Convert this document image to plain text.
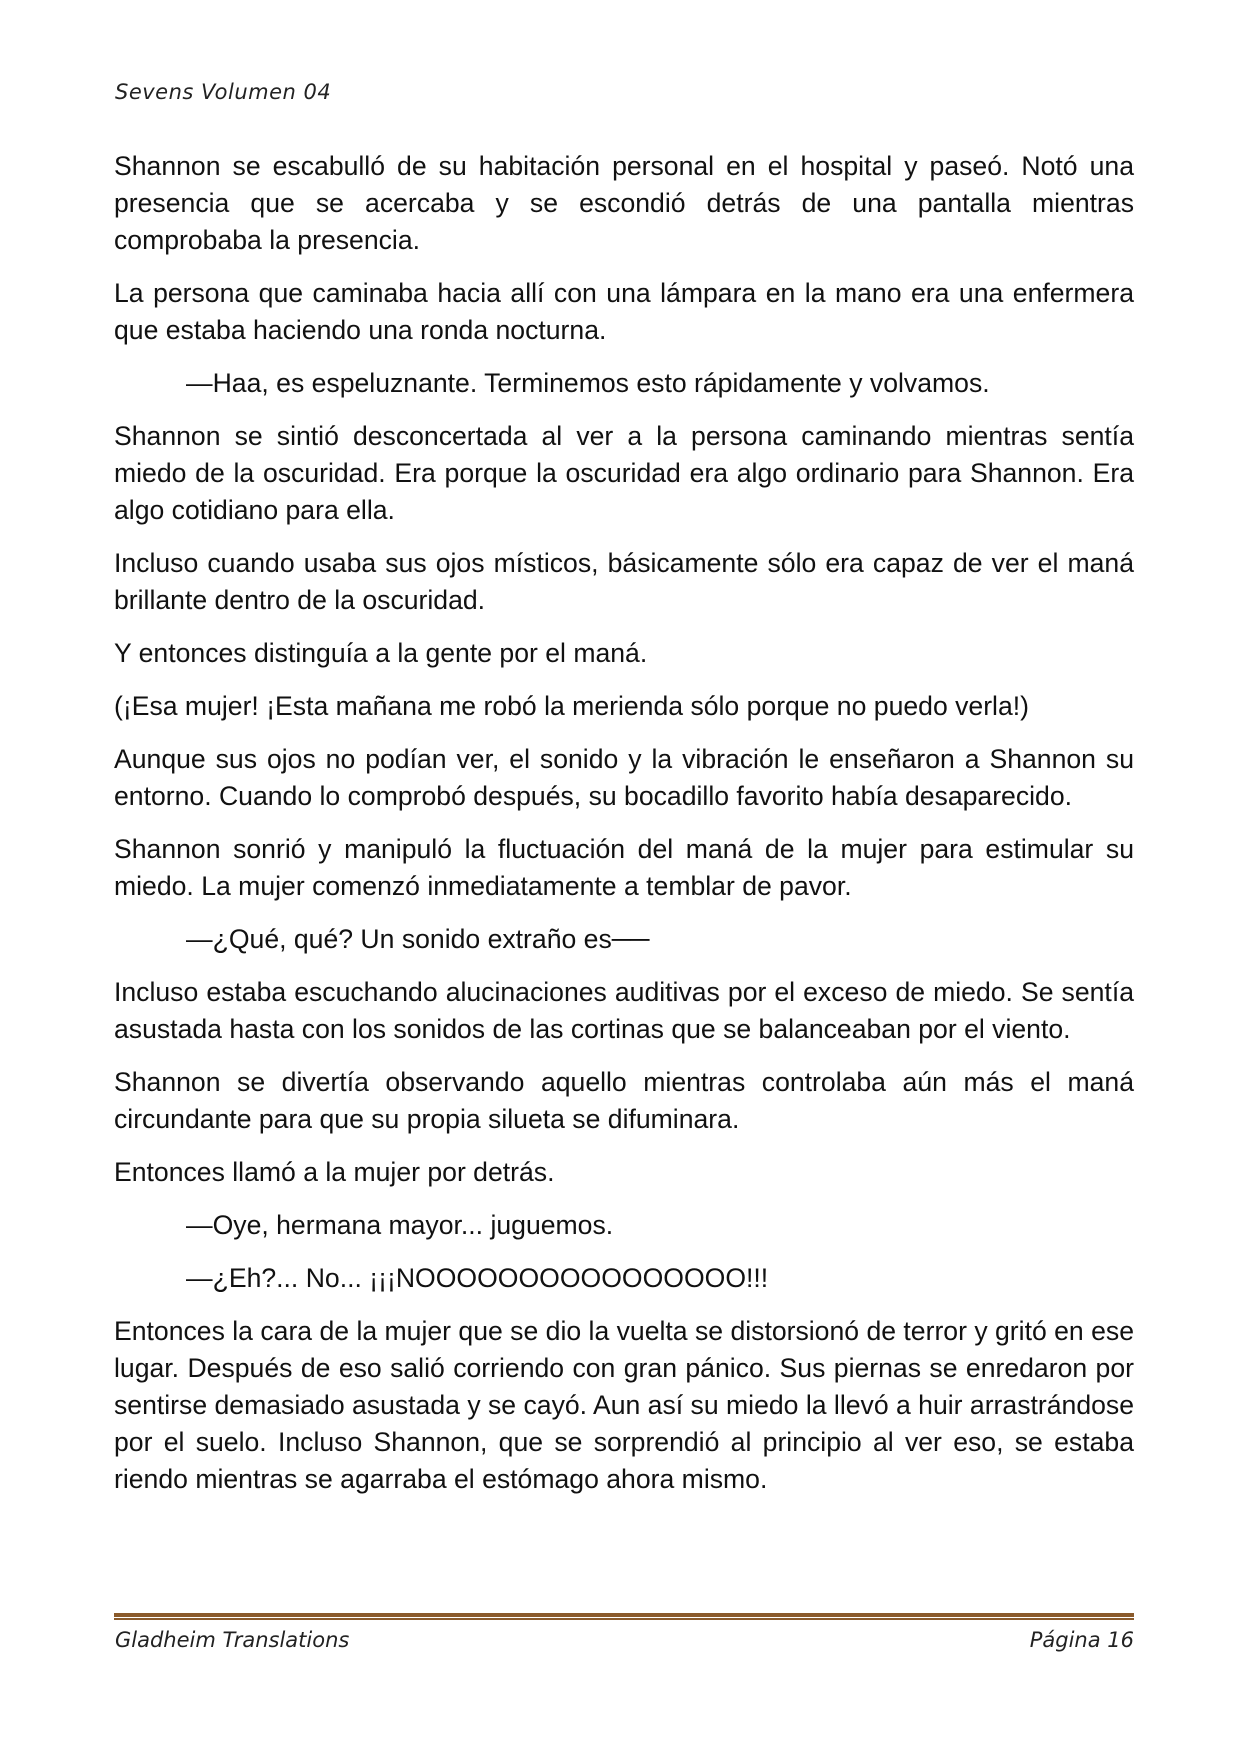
Sevens Volumen 04

Shannon se escabulló de su habitación personal en el hospital y paseó. Notó una presencia que se acercaba y se escondió detrás de una pantalla mientras comprobaba la presencia.

La persona que caminaba hacia allí con una lámpara en la mano era una enfermera que estaba haciendo una ronda nocturna.

—Haa, es espeluznante. Terminemos esto rápidamente y volvamos.

Shannon se sintió desconcertada al ver a la persona caminando mientras sentía miedo de la oscuridad. Era porque la oscuridad era algo ordinario para Shannon. Era algo cotidiano para ella.

Incluso cuando usaba sus ojos místicos, básicamente sólo era capaz de ver el maná brillante dentro de la oscuridad.

Y entonces distinguía a la gente por el maná.

(¡Esa mujer! ¡Esta mañana me robó la merienda sólo porque no puedo verla!)

Aunque sus ojos no podían ver, el sonido y la vibración le enseñaron a Shannon su entorno. Cuando lo comprobó después, su bocadillo favorito había desaparecido.

Shannon sonrió y manipuló la fluctuación del maná de la mujer para estimular su miedo. La mujer comenzó inmediatamente a temblar de pavor.

—¿Qué, qué? Un sonido extraño es──

Incluso estaba escuchando alucinaciones auditivas por el exceso de miedo. Se sentía asustada hasta con los sonidos de las cortinas que se balanceaban por el viento.

Shannon se divertía observando aquello mientras controlaba aún más el maná circundante para que su propia silueta se difuminara.

Entonces llamó a la mujer por detrás.

—Oye, hermana mayor... juguemos.

—¿Eh?... No... ¡¡¡NOOOOOOOOOOOOOOOO!!!

Entonces la cara de la mujer que se dio la vuelta se distorsionó de terror y gritó en ese lugar. Después de eso salió corriendo con gran pánico. Sus piernas se enredaron por sentirse demasiado asustada y se cayó. Aun así su miedo la llevó a huir arrastrándose por el suelo. Incluso Shannon, que se sorprendió al principio al ver eso, se estaba riendo mientras se agarraba el estómago ahora mismo.

Gladheim Translations	Página 16
